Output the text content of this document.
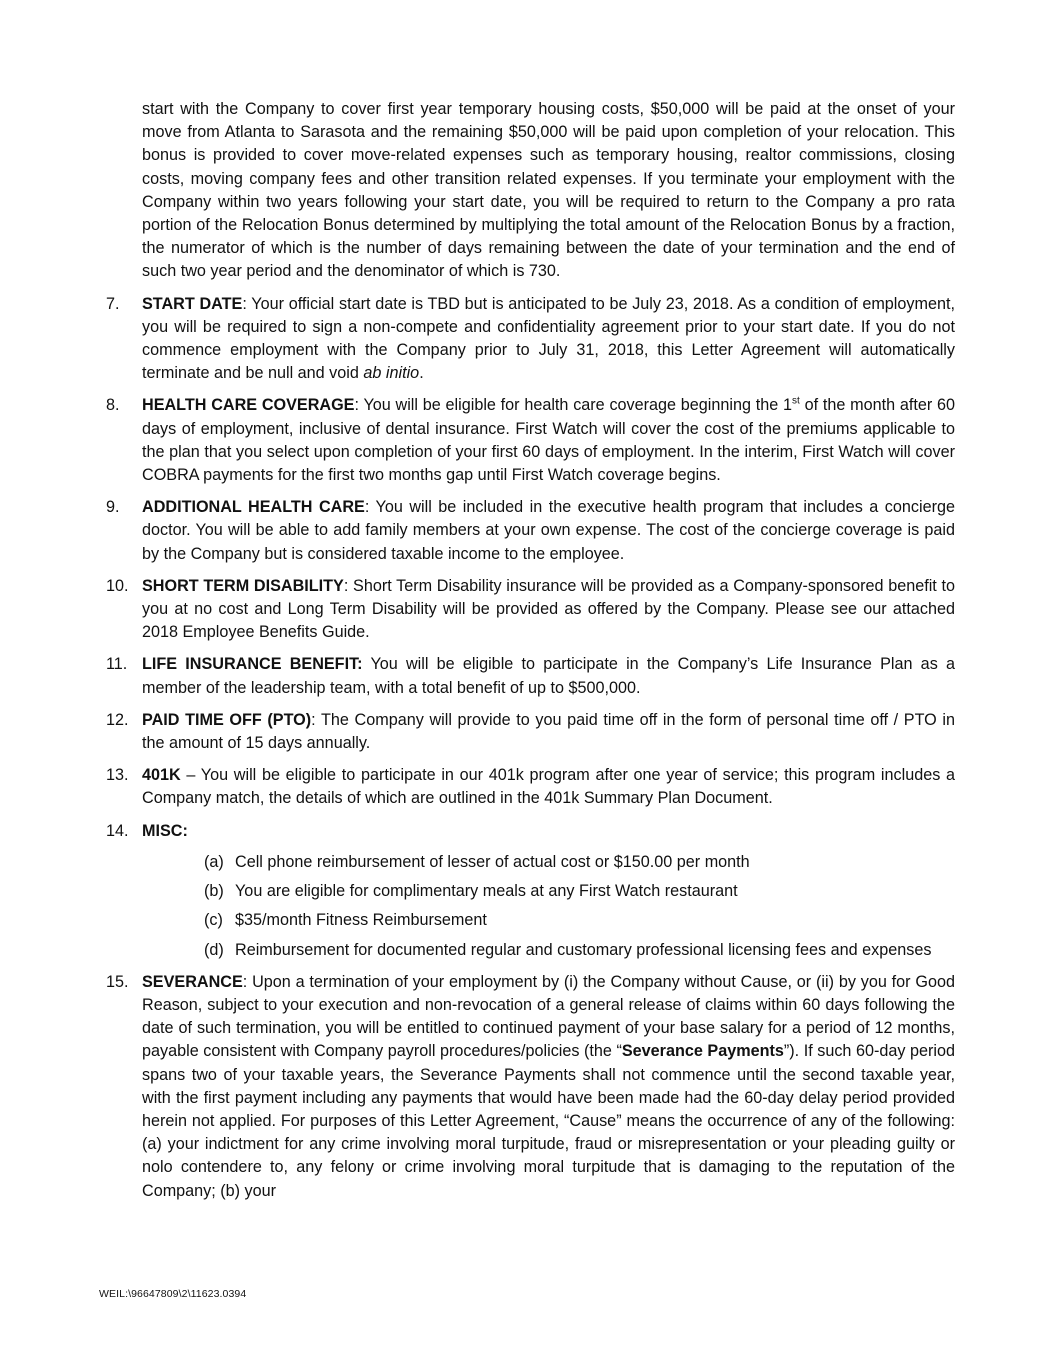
start with the Company to cover first year temporary housing costs, $50,000 will be paid at the onset of your move from Atlanta to Sarasota and the remaining $50,000 will be paid upon completion of your relocation. This bonus is provided to cover move-related expenses such as temporary housing, realtor commissions, closing costs, moving company fees and other transition related expenses. If you terminate your employment with the Company within two years following your start date, you will be required to return to the Company a pro rata portion of the Relocation Bonus determined by multiplying the total amount of the Relocation Bonus by a fraction, the numerator of which is the number of days remaining between the date of your termination and the end of such two year period and the denominator of which is 730.

7. START DATE: Your official start date is TBD but is anticipated to be July 23, 2018. As a condition of employment, you will be required to sign a non-compete and confidentiality agreement prior to your start date. If you do not commence employment with the Company prior to July 31, 2018, this Letter Agreement will automatically terminate and be null and void ab initio.

8. HEALTH CARE COVERAGE: You will be eligible for health care coverage beginning the 1st of the month after 60 days of employment, inclusive of dental insurance. First Watch will cover the cost of the premiums applicable to the plan that you select upon completion of your first 60 days of employment. In the interim, First Watch will cover COBRA payments for the first two months gap until First Watch coverage begins.

9. ADDITIONAL HEALTH CARE: You will be included in the executive health program that includes a concierge doctor. You will be able to add family members at your own expense. The cost of the concierge coverage is paid by the Company but is considered taxable income to the employee.

10. SHORT TERM DISABILITY: Short Term Disability insurance will be provided as a Company-sponsored benefit to you at no cost and Long Term Disability will be provided as offered by the Company. Please see our attached 2018 Employee Benefits Guide.

11. LIFE INSURANCE BENEFIT: You will be eligible to participate in the Company’s Life Insurance Plan as a member of the leadership team, with a total benefit of up to $500,000.

12. PAID TIME OFF (PTO): The Company will provide to you paid time off in the form of personal time off / PTO in the amount of 15 days annually.

13. 401K – You will be eligible to participate in our 401k program after one year of service; this program includes a Company match, the details of which are outlined in the 401k Summary Plan Document.

14. MISC:

(a) Cell phone reimbursement of lesser of actual cost or $150.00 per month
(b) You are eligible for complimentary meals at any First Watch restaurant
(c) $35/month Fitness Reimbursement
(d) Reimbursement for documented regular and customary professional licensing fees and expenses
15. SEVERANCE: Upon a termination of your employment by (i) the Company without Cause, or (ii) by you for Good Reason, subject to your execution and non-revocation of a general release of claims within 60 days following the date of such termination, you will be entitled to continued payment of your base salary for a period of 12 months, payable consistent with Company payroll procedures/policies (the “Severance Payments”). If such 60-day period spans two of your taxable years, the Severance Payments shall not commence until the second taxable year, with the first payment including any payments that would have been made had the 60-day delay period provided herein not applied. For purposes of this Letter Agreement, “Cause” means the occurrence of any of the following: (a) your indictment for any crime involving moral turpitude, fraud or misrepresentation or your pleading guilty or nolo contendere to, any felony or crime involving moral turpitude that is damaging to the reputation of the Company; (b) your

WEIL:\96647809\2\11623.0394
